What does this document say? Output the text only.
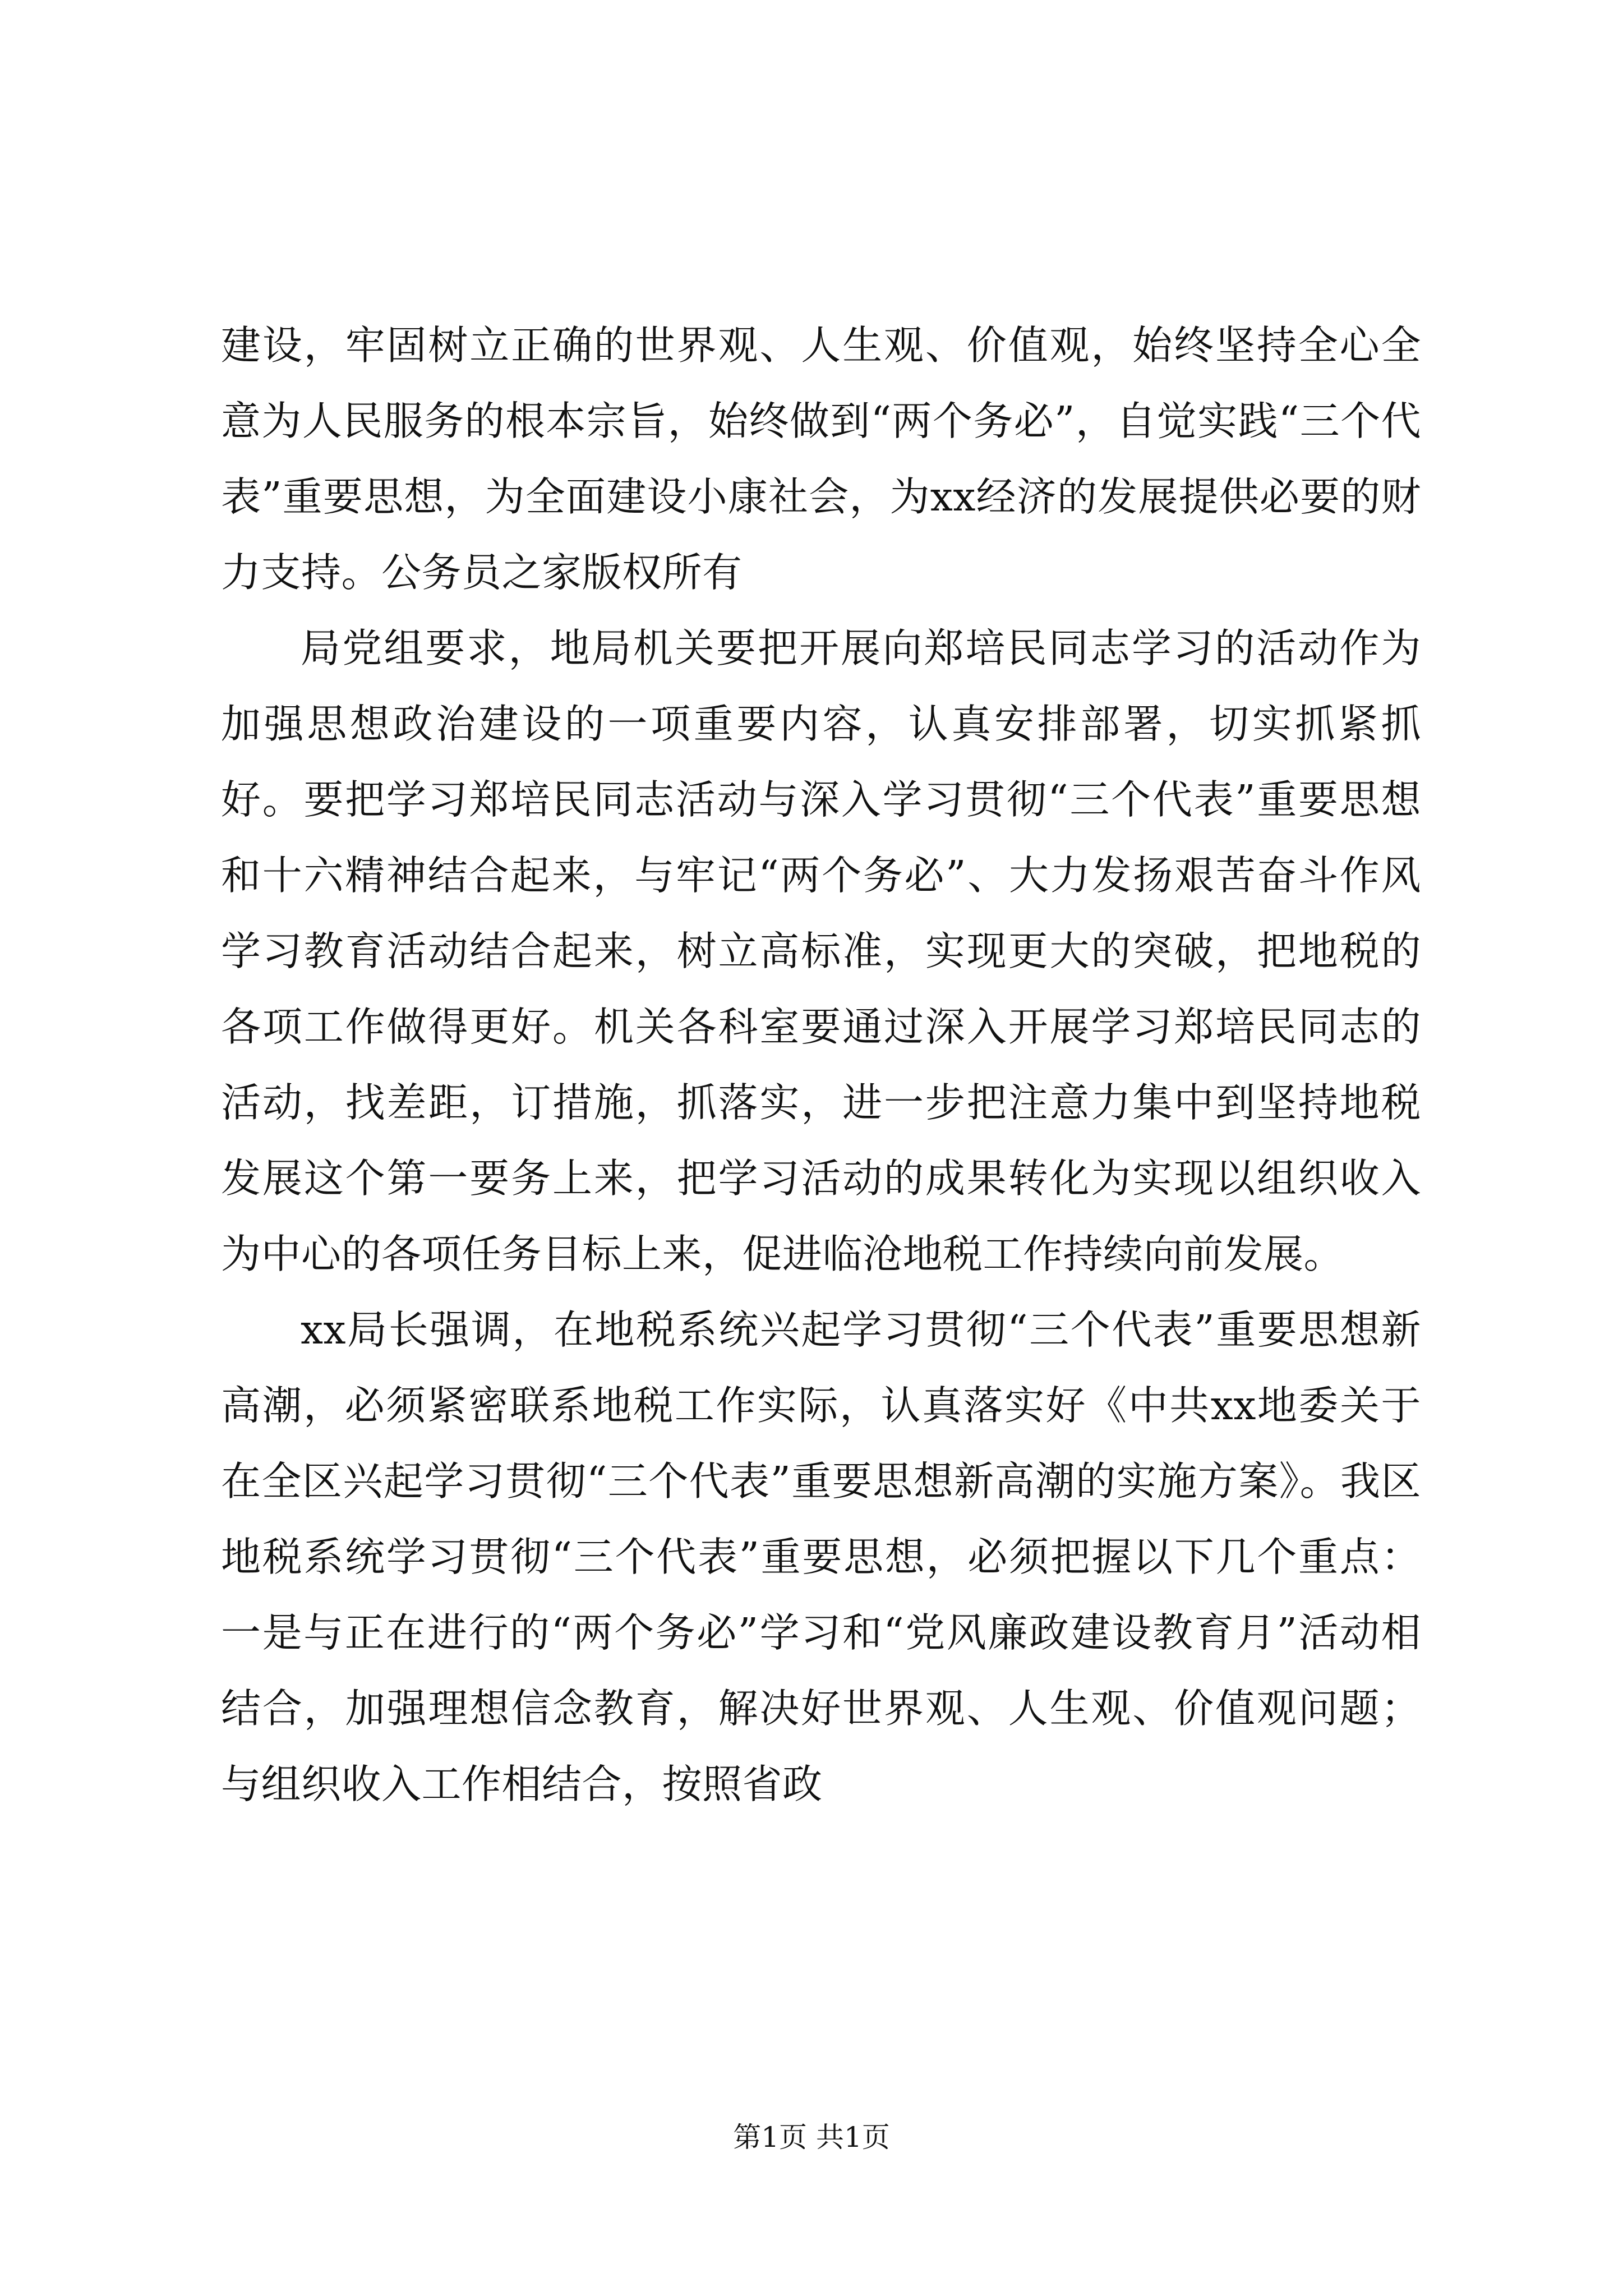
建设，牢固树立正确的世界观、人生观、价值观，始终坚持全心全意为人民服务的根本宗旨，始终做到“两个务必”，自觉实践“三个代表”重要思想，为全面建设小康社会，为xx经济的发展提供必要的财力支持。公务员之家版权所有

局党组要求，地局机关要把开展向郑培民同志学习的活动作为加强思想政治建设的一项重要内容，认真安排部署，切实抓紧抓好。要把学习郑培民同志活动与深入学习贯彻“三个代表”重要思想和十六精神结合起来，与牢记“两个务必”、大力发扬艰苦奋斗作风学习教育活动结合起来，树立高标准，实现更大的突破，把地税的各项工作做得更好。机关各科室要通过深入开展学习郑培民同志的活动，找差距，订措施，抓落实，进一步把注意力集中到坚持地税发展这个第一要务上来，把学习活动的成果转化为实现以组织收入为中心的各项任务目标上来，促进临沧地税工作持续向前发展。

xx局长强调，在地税系统兴起学习贯彻“三个代表”重要思想新高潮，必须紧密联系地税工作实际，认真落实好《中共xx地委关于在全区兴起学习贯彻“三个代表”重要思想新高潮的实施方案》。我区地税系统学习贯彻“三个代表”重要思想，必须把握以下几个重点：一是与正在进行的“两个务必”学习和“党风廉政建设教育月”活动相结合，加强理想信念教育，解决好世界观、人生观、价值观问题；与组织收入工作相结合，按照省政

第1页 共1页
